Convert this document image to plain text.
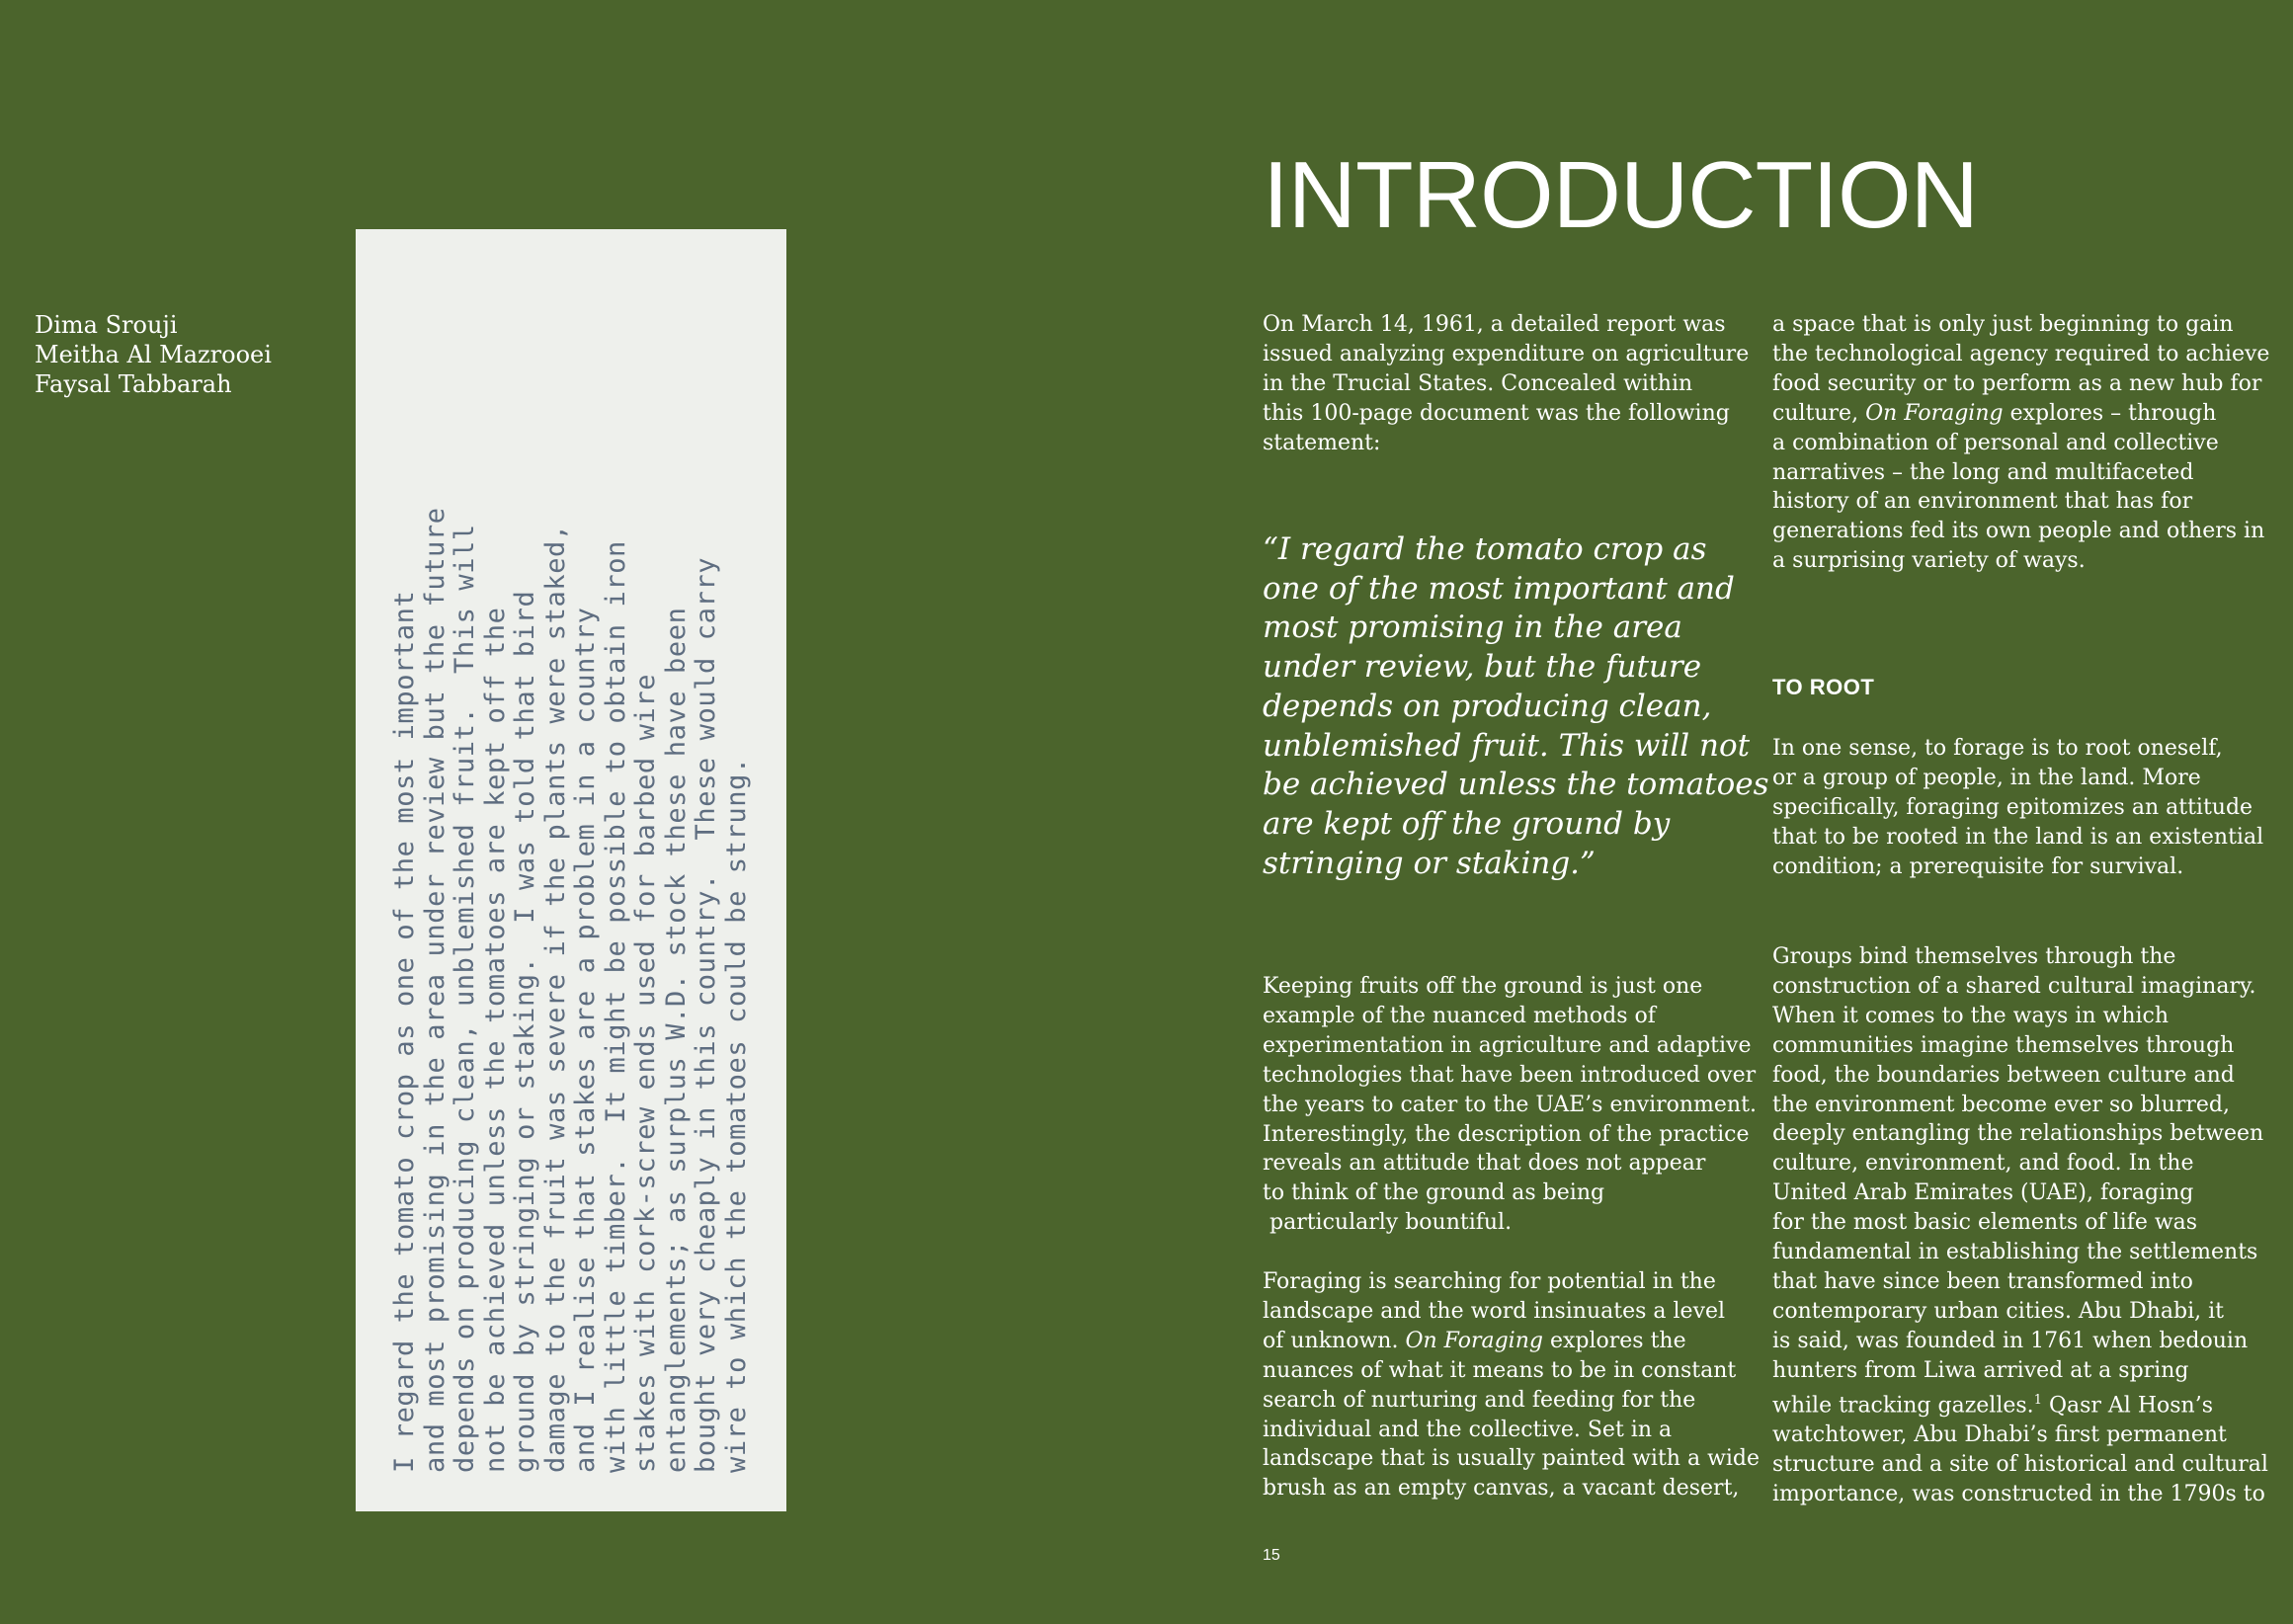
Dima Srouji
Meitha Al Mazrooei
Faysal Tabbarah
I regard the tomato crop as one of the most important and most promising in the area under review but the future depends on producing clean, unblemished fruit.  This will not be achieved unless the tomatoes are kept off the ground by stringing or staking.  I was told that bird damage to the fruit was severe if the plants were staked, and I realise that stakes are a problem in a country with little timber.  It might be possible to obtain iron stakes with cork-screw ends used for barbed wire entanglements; as surplus W.D. stock these have been bought very cheaply in this country.  These would carry wire to which the tomatoes could be strung.
INTRODUCTION
On March 14, 1961, a detailed report was
issued analyzing expenditure on agriculture
in the Trucial States. Concealed within
this 100-page document was the following
statement:
“I regard the tomato crop as
one of the most important and
most promising in the area
under review, but the future
depends on producing clean,
unblemished fruit. This will not
be achieved unless the tomatoes
are kept off the ground by
stringing or staking.”
Keeping fruits off the ground is just one
example of the nuanced methods of
experimentation in agriculture and adaptive
technologies that have been introduced over
the years to cater to the UAE’s environment.
Interestingly, the description of the practice
reveals an attitude that does not appear
to think of the ground as being
particularly bountiful.
Foraging is searching for potential in the
landscape and the word insinuates a level
of unknown. On Foraging explores the
nuances of what it means to be in constant
search of nurturing and feeding for the
individual and the collective. Set in a
landscape that is usually painted with a wide
brush as an empty canvas, a vacant desert,
a space that is only just beginning to gain
the technological agency required to achieve
food security or to perform as a new hub for
culture, On Foraging explores – through
a combination of personal and collective
narratives – the long and multifaceted
history of an environment that has for
generations fed its own people and others in
a surprising variety of ways.
TO ROOT
In one sense, to forage is to root oneself,
or a group of people, in the land. More
specifically, foraging epitomizes an attitude
that to be rooted in the land is an existential
condition; a prerequisite for survival.
Groups bind themselves through the
construction of a shared cultural imaginary.
When it comes to the ways in which
communities imagine themselves through
food, the boundaries between culture and
the environment become ever so blurred,
deeply entangling the relationships between
culture, environment, and food. In the
United Arab Emirates (UAE), foraging
for the most basic elements of life was
fundamental in establishing the settlements
that have since been transformed into
contemporary urban cities. Abu Dhabi, it
is said, was founded in 1761 when bedouin
hunters from Liwa arrived at a spring
while tracking gazelles.$^1$ Qasr Al Hosn’s
watchtower, Abu Dhabi’s first permanent
structure and a site of historical and cultural
importance, was constructed in the 1790s to
15
